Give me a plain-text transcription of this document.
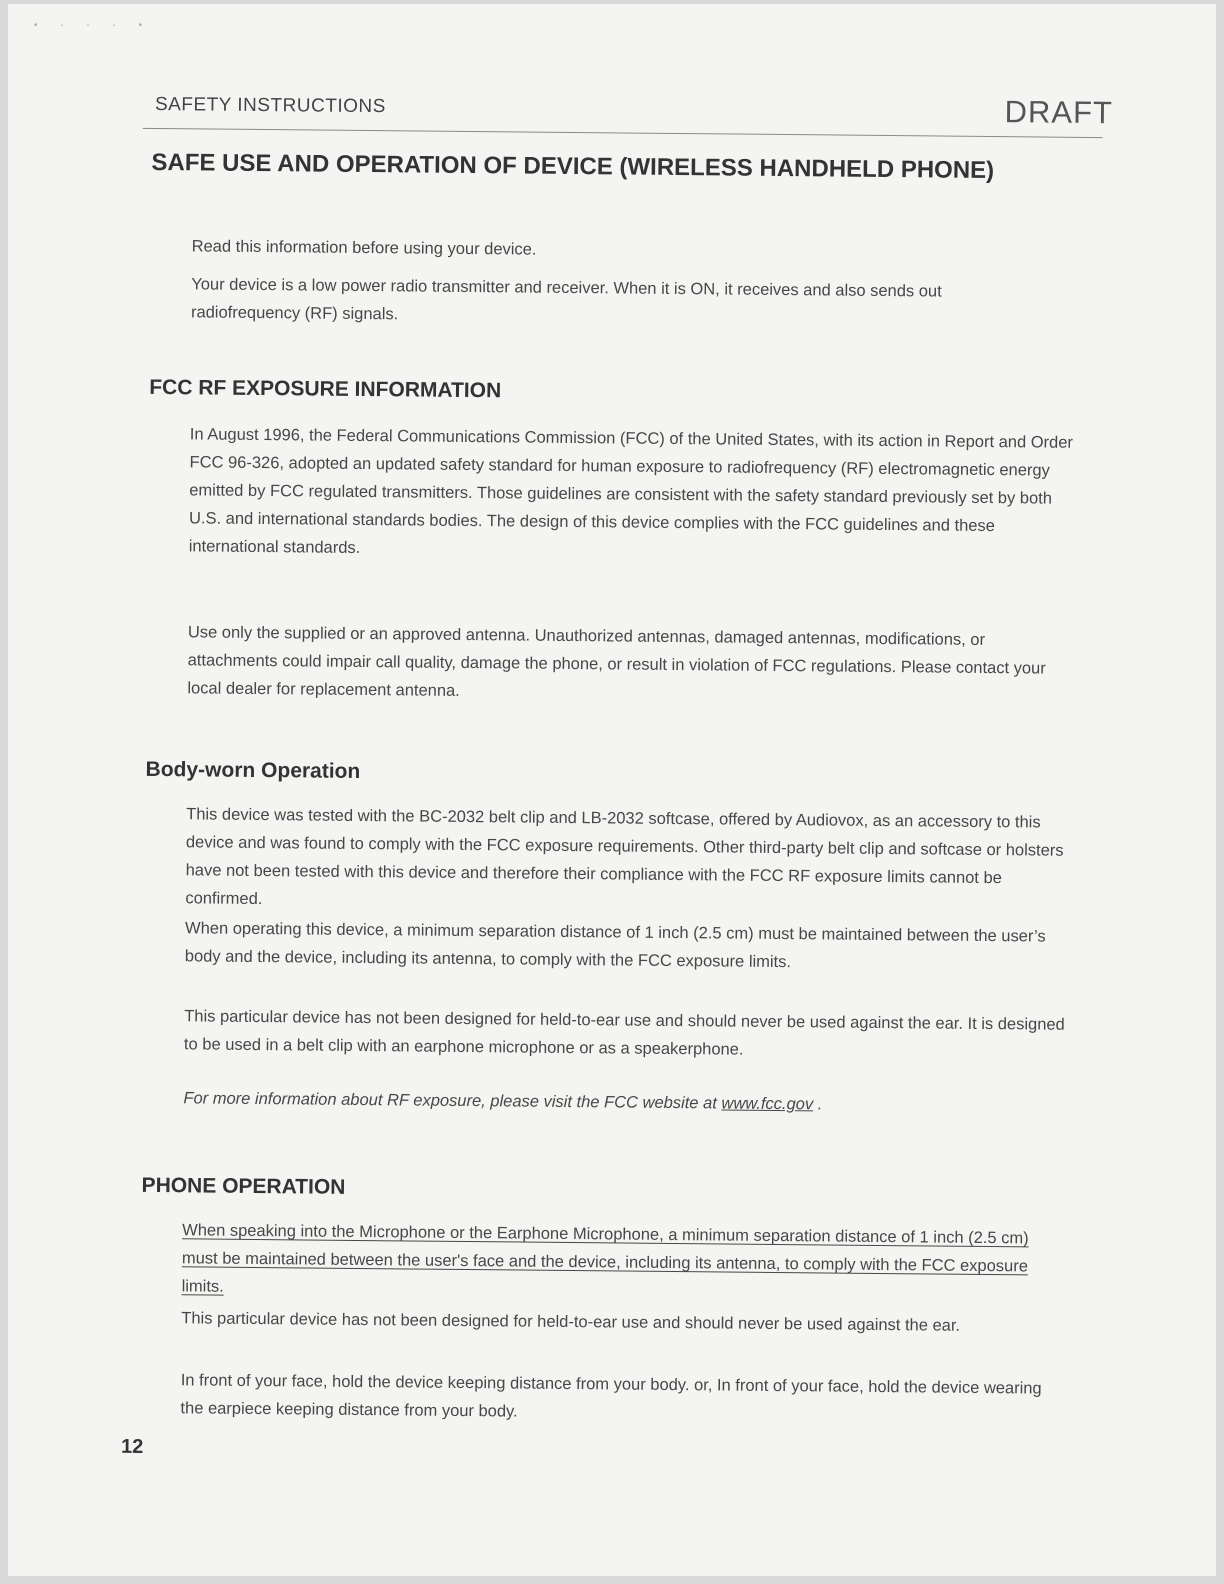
• - - - •
SAFETY INSTRUCTIONS	DRAFT
SAFE USE AND OPERATION OF DEVICE (WIRELESS HANDHELD PHONE)

Read this information before using your device.

Your device is a low power radio transmitter and receiver. When it is ON, it receives and also sends out radiofrequency (RF) signals.

FCC RF EXPOSURE INFORMATION

In August 1996, the Federal Communications Commission (FCC) of the United States, with its action in Report and Order FCC 96-326, adopted an updated safety standard for human exposure to radiofrequency (RF) electromagnetic energy emitted by FCC regulated transmitters. Those guidelines are consistent with the safety standard previously set by both U.S. and international standards bodies. The design of this device complies with the FCC guidelines and these international standards.

Use only the supplied or an approved antenna. Unauthorized antennas, damaged antennas, modifications, or attachments could impair call quality, damage the phone, or result in violation of FCC regulations. Please contact your local dealer for replacement antenna.

Body-worn Operation

This device was tested with the BC-2032 belt clip and LB-2032 softcase, offered by Audiovox, as an accessory to this device and was found to comply with the FCC exposure requirements. Other third-party belt clip and softcase or holsters have not been tested with this device and therefore their compliance with the FCC RF exposure limits cannot be confirmed.

When operating this device, a minimum separation distance of 1 inch (2.5 cm) must be maintained between the user’s body and the device, including its antenna, to comply with the FCC exposure limits.

This particular device has not been designed for held-to-ear use and should never be used against the ear. It is designed to be used in a belt clip with an earphone microphone or as a speakerphone.

For more information about RF exposure, please visit the FCC website at www.fcc.gov .

PHONE OPERATION

When speaking into the Microphone or the Earphone Microphone, a minimum separation distance of 1 inch (2.5 cm) must be maintained between the user's face and the device, including its antenna, to comply with the FCC exposure limits.

This particular device has not been designed for held-to-ear use and should never be used against the ear.

In front of your face, hold the device keeping distance from your body. or, In front of your face, hold the device wearing the earpiece keeping distance from your body.

12
